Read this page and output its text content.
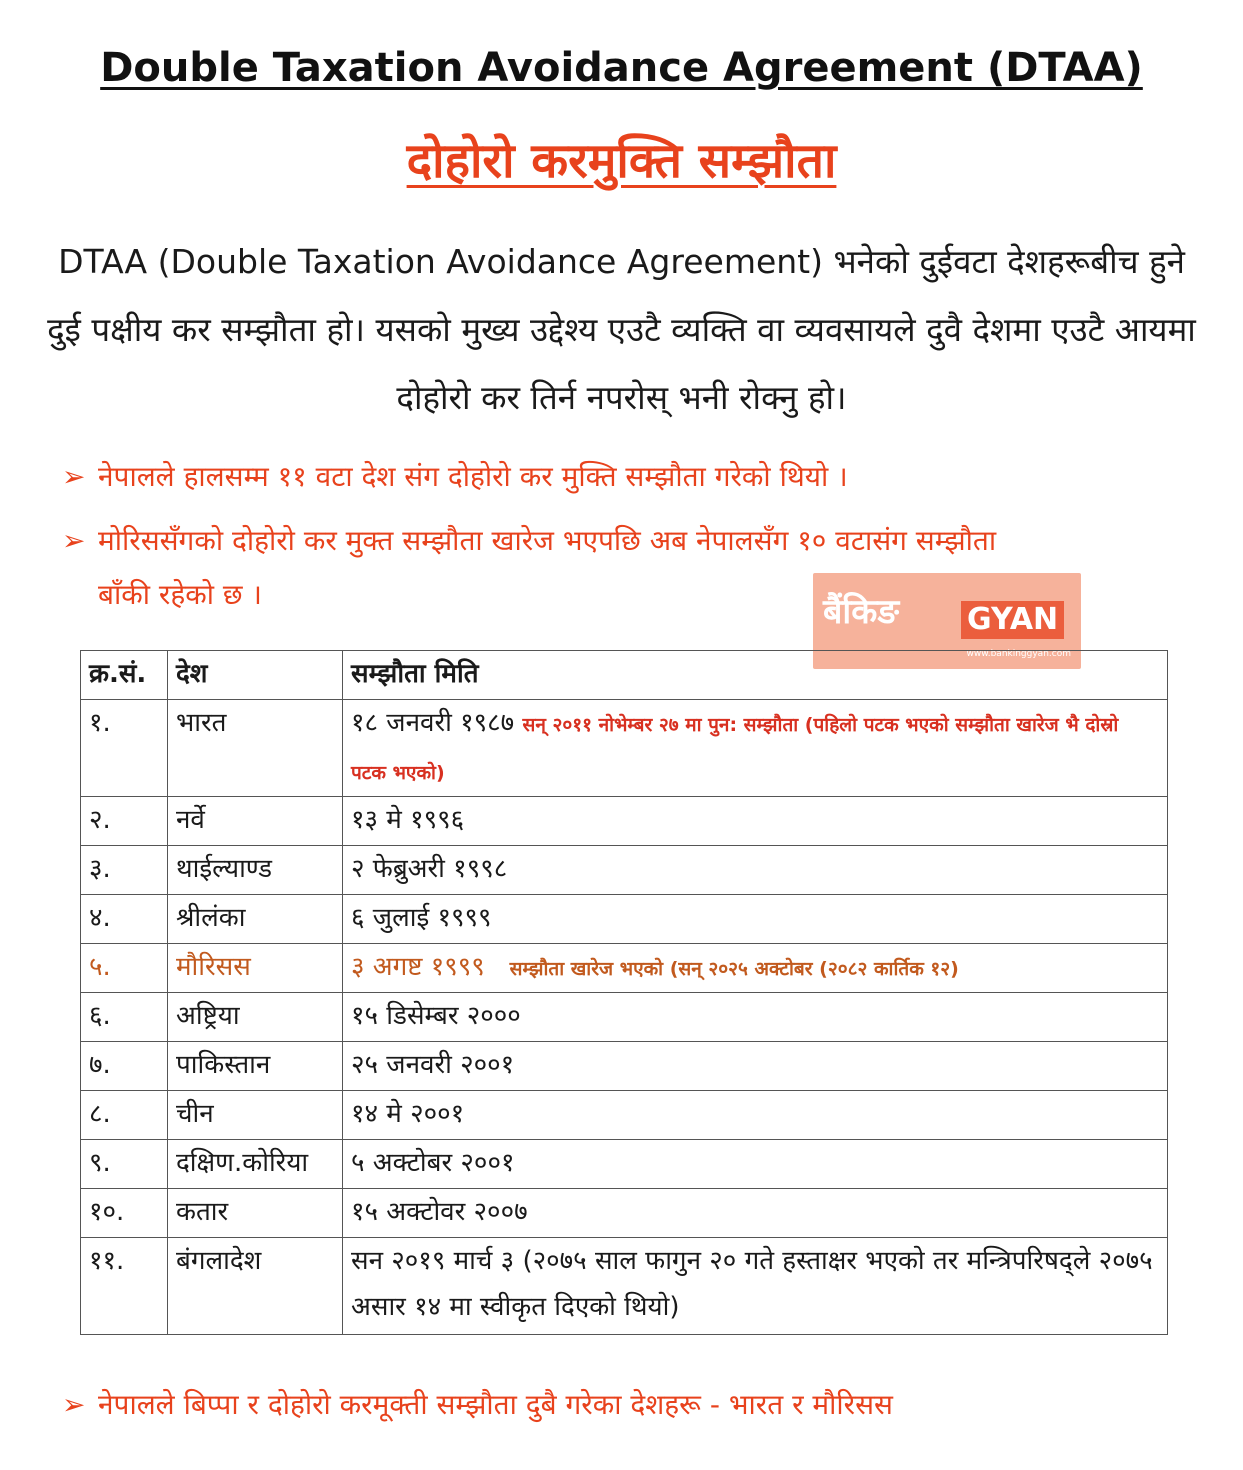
Double Taxation Avoidance Agreement (DTAA)
दोहोरो करमुक्ति सम्झौता
DTAA (Double Taxation Avoidance Agreement) भनेको दुईवटा देशहरूबीच हुने दुई पक्षीय कर सम्झौता हो। यसको मुख्य उद्देश्य एउटै व्यक्ति वा व्यवसायले दुवै देशमा एउटै आयमा दोहोरो कर तिर्न नपरोस् भनी रोक्नु हो।
➢ नेपालले हालसम्म ११ वटा देश संग दोहोरो कर मुक्ति सम्झौता गरेको थियो ।
➢ मोरिससँगको दोहोरो कर मुक्त सम्झौता खारेज भएपछि अब नेपालसँग १० वटासंग सम्झौता
बाँकी रहेको छ ।	बैंकिङ GYAN
www.bankinggyan.com
क्र.सं.	देश	सम्झौता मिति
१.	भारत	१८ जनवरी १९८७ सन् २०११ नोभेम्बर २७ मा पुन: सम्झौता (पहिलो पटक भएको सम्झौता खारेज भै दोस्रो पटक भएको)
२.	नर्वे	१३ मे १९९६
३.	थाईल्याण्ड	२ फेब्रुअरी १९९८
४.	श्रीलंका	६ जुलाई १९९९
५.	मौरिसस	३ अगष्ट १९९९ सम्झौता खारेज भएको (सन् २०२५ अक्टोबर (२०८२ कार्तिक १२)
६.	अष्ट्रिया	१५ डिसेम्बर २०००
७.	पाकिस्तान	२५ जनवरी २००१
८.	चीन	१४ मे २००१
९.	दक्षिण.कोरिया	५ अक्टोबर २००१
१०.	कतार	१५ अक्टोवर २००७
११.	बंगलादेश	सन २०१९ मार्च ३ (२०७५ साल फागुन २० गते हस्ताक्षर भएको तर मन्त्रिपरिषद्ले २०७५ असार १४ मा स्वीकृत दिएको थियो)
➢ नेपालले बिप्पा र दोहोरो करमूक्ती सम्झौता दुबै गरेका देशहरू - भारत र मौरिसस
